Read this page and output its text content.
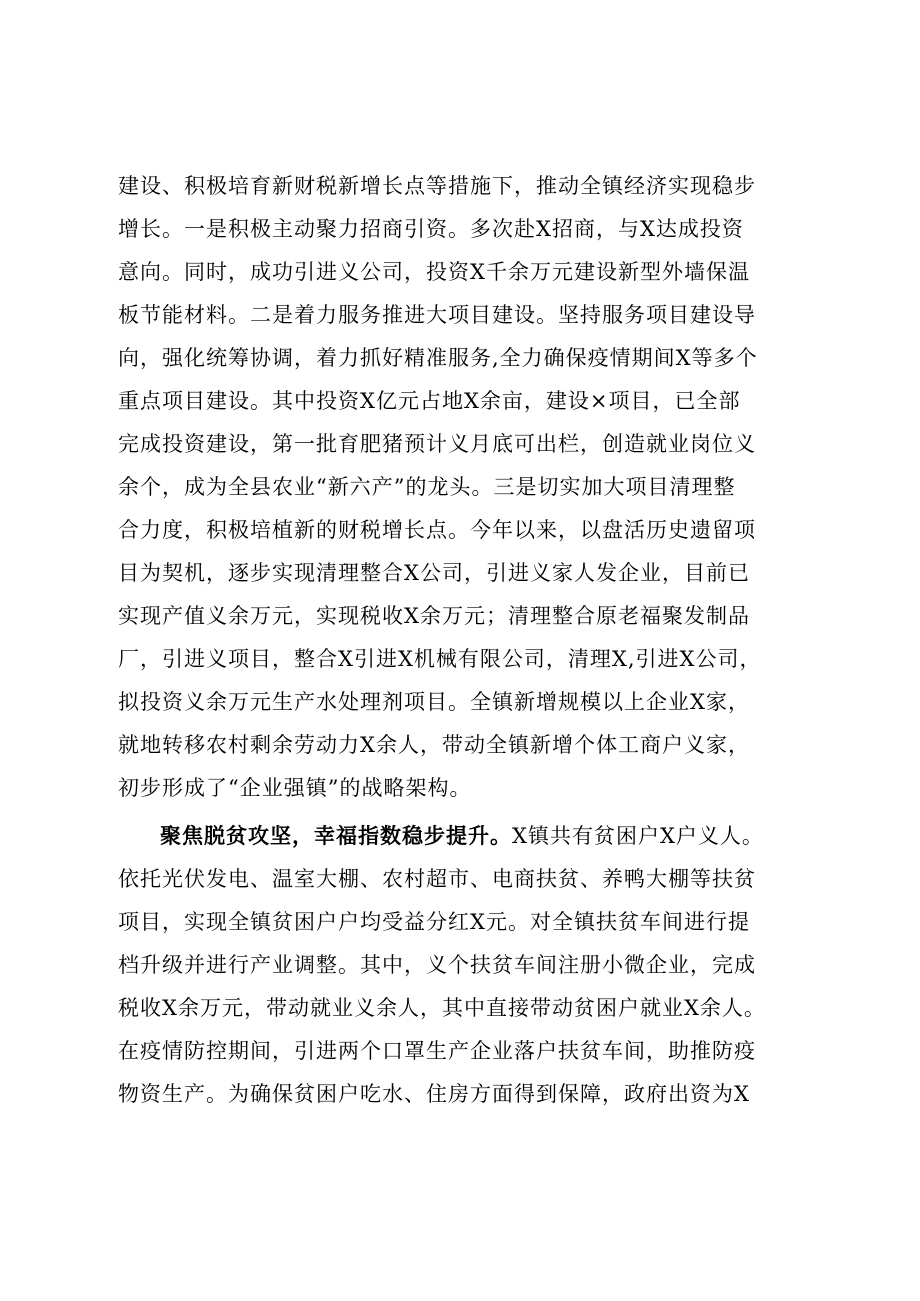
建设、积极培育新财税新增长点等措施下，推动全镇经济实现稳步
增长。一是积极主动聚力招商引资。多次赴X招商，与X达成投资
意向。同时，成功引进义公司，投资X千余万元建设新型外墙保温
板节能材料。二是着力服务推进大项目建设。坚持服务项目建设导
向，强化统筹协调，着力抓好精准服务,全力确保疫情期间X等多个
重点项目建设。其中投资X亿元占地X余亩，建设×项目，已全部
完成投资建设，第一批育肥猪预计义月底可出栏，创造就业岗位义
余个，成为全县农业“新六产”的龙头。三是切实加大项目清理整
合力度，积极培植新的财税增长点。今年以来，以盘活历史遗留项
目为契机，逐步实现清理整合X公司，引进义家人发企业，目前已
实现产值义余万元，实现税收X余万元；清理整合原老福聚发制品
厂，引进义项目，整合X引进X机械有限公司，清理X,引进X公司，
拟投资义余万元生产水处理剂项目。全镇新增规模以上企业X家，
就地转移农村剩余劳动力X余人，带动全镇新增个体工商户义家，
初步形成了“企业强镇”的战略架构。
聚焦脱贫攻坚，幸福指数稳步提升。X镇共有贫困户X户义人。
依托光伏发电、温室大棚、农村超市、电商扶贫、养鸭大棚等扶贫
项目，实现全镇贫困户户均受益分红X元。对全镇扶贫车间进行提
档升级并进行产业调整。其中，义个扶贫车间注册小微企业，完成
税收X余万元，带动就业义余人，其中直接带动贫困户就业X余人。
在疫情防控期间，引进两个口罩生产企业落户扶贫车间，助推防疫
物资生产。为确保贫困户吃水、住房方面得到保障，政府出资为X
